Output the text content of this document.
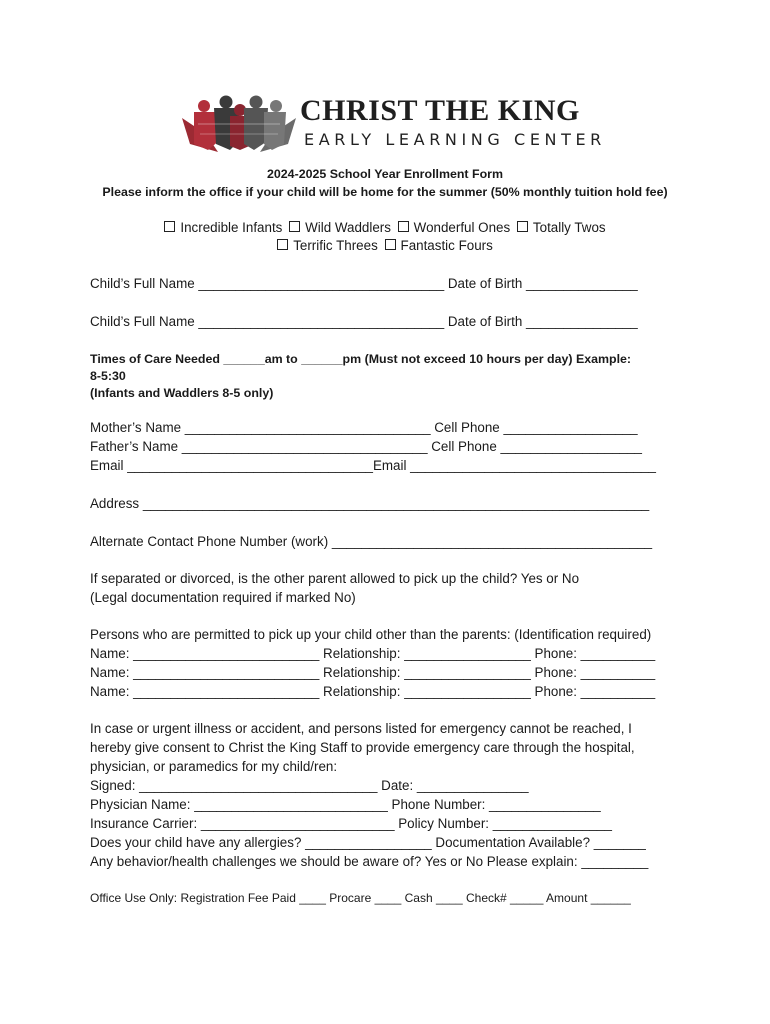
CHRIST THE KING
EARLY LEARNING CENTER
2024-2025 School Year Enrollment Form
Please inform the office if your child will be home for the summer (50% monthly tuition hold fee)
Incredible Infants Wild Waddlers Wonderful Ones Totally Twos
Terrific Threes Fantastic Fours
Child’s Full Name _________________________________ Date of Birth _______________
Child’s Full Name _________________________________ Date of Birth _______________
Times of Care Needed ______am to ______pm (Must not exceed 10 hours per day) Example:
8-5:30
(Infants and Waddlers 8-5 only)
Mother’s Name _________________________________ Cell Phone __________________
Father’s Name _________________________________ Cell Phone ___________________
Email _________________________________Email _________________________________
Address ____________________________________________________________________
Alternate Contact Phone Number (work) ___________________________________________
If separated or divorced, is the other parent allowed to pick up the child? Yes or No
(Legal documentation required if marked No)
Persons who are permitted to pick up your child other than the parents: (Identification required)
Name: _________________________ Relationship: _________________ Phone: __________
Name: _________________________ Relationship: _________________ Phone: __________
Name: _________________________ Relationship: _________________ Phone: __________
In case or urgent illness or accident, and persons listed for emergency cannot be reached, I
hereby give consent to Christ the King Staff to provide emergency care through the hospital,
physician, or paramedics for my child/ren:
Signed: ________________________________ Date: _______________
Physician Name: __________________________ Phone Number: _______________
Insurance Carrier: __________________________ Policy Number: ________________
Does your child have any allergies? _________________ Documentation Available? _______
Any behavior/health challenges we should be aware of? Yes or No Please explain: _________
Office Use Only: Registration Fee Paid ____ Procare ____ Cash ____ Check# _____ Amount ______
